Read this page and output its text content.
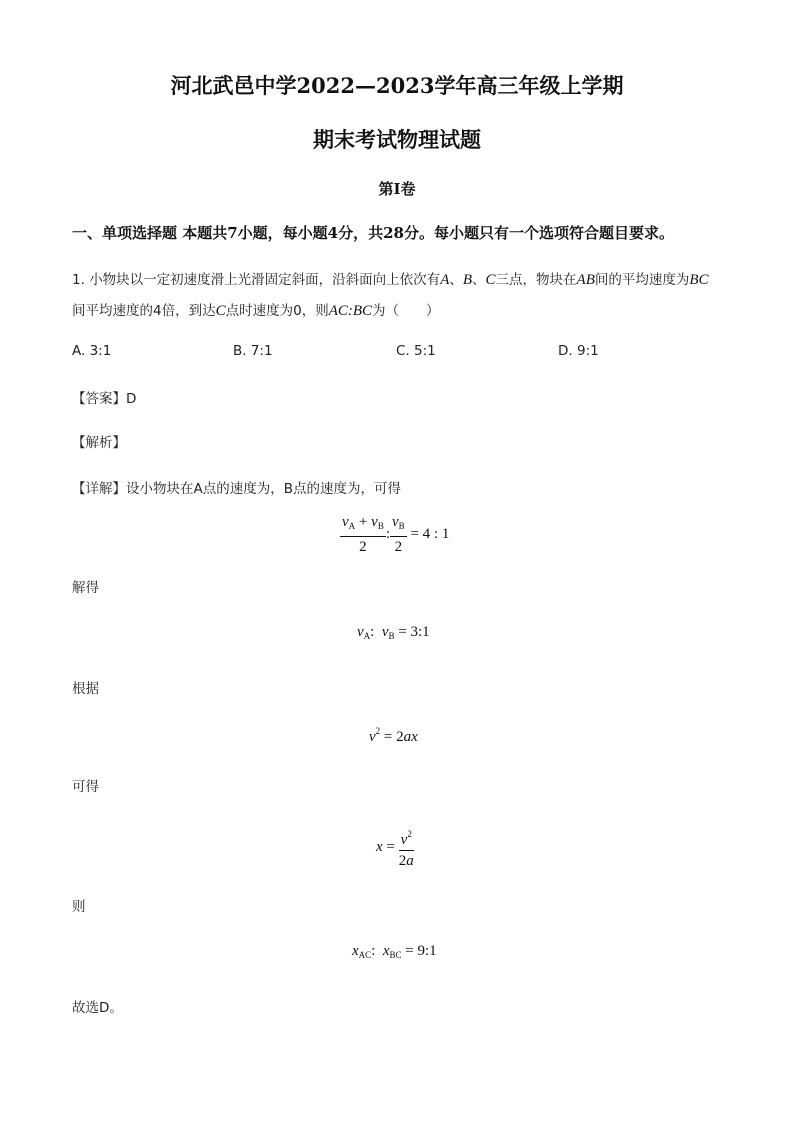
河北武邑中学2022—2023学年高三年级上学期
期末考试物理试题
第I卷
一、单项选择题 本题共7小题，每小题4分，共28分。每小题只有一个选项符合题目要求。
1. 小物块以一定初速度滑上光滑固定斜面，沿斜面向上依次有A、B、C三点，物块在AB间的平均速度为BC
间平均速度的4倍，到达C点时速度为0，则AC:BC为（　　）
A. 3:1	B. 7:1	C. 5:1	D. 9:1
【答案】D
【解析】
【详解】设小物块在A点的速度为，B点的速度为，可得
$\frac{v_A + v_B}{2}$ : $\frac{v_B}{2} = 4$ : 1
解得
$v_A$:  $v_B$ = 3:1
根据
$v^2 = 2ax$
可得
$x = \frac{v^2}{2a}$
则
$x_{AC}$:  $x_{BC}$ = 9:1
故选D。
